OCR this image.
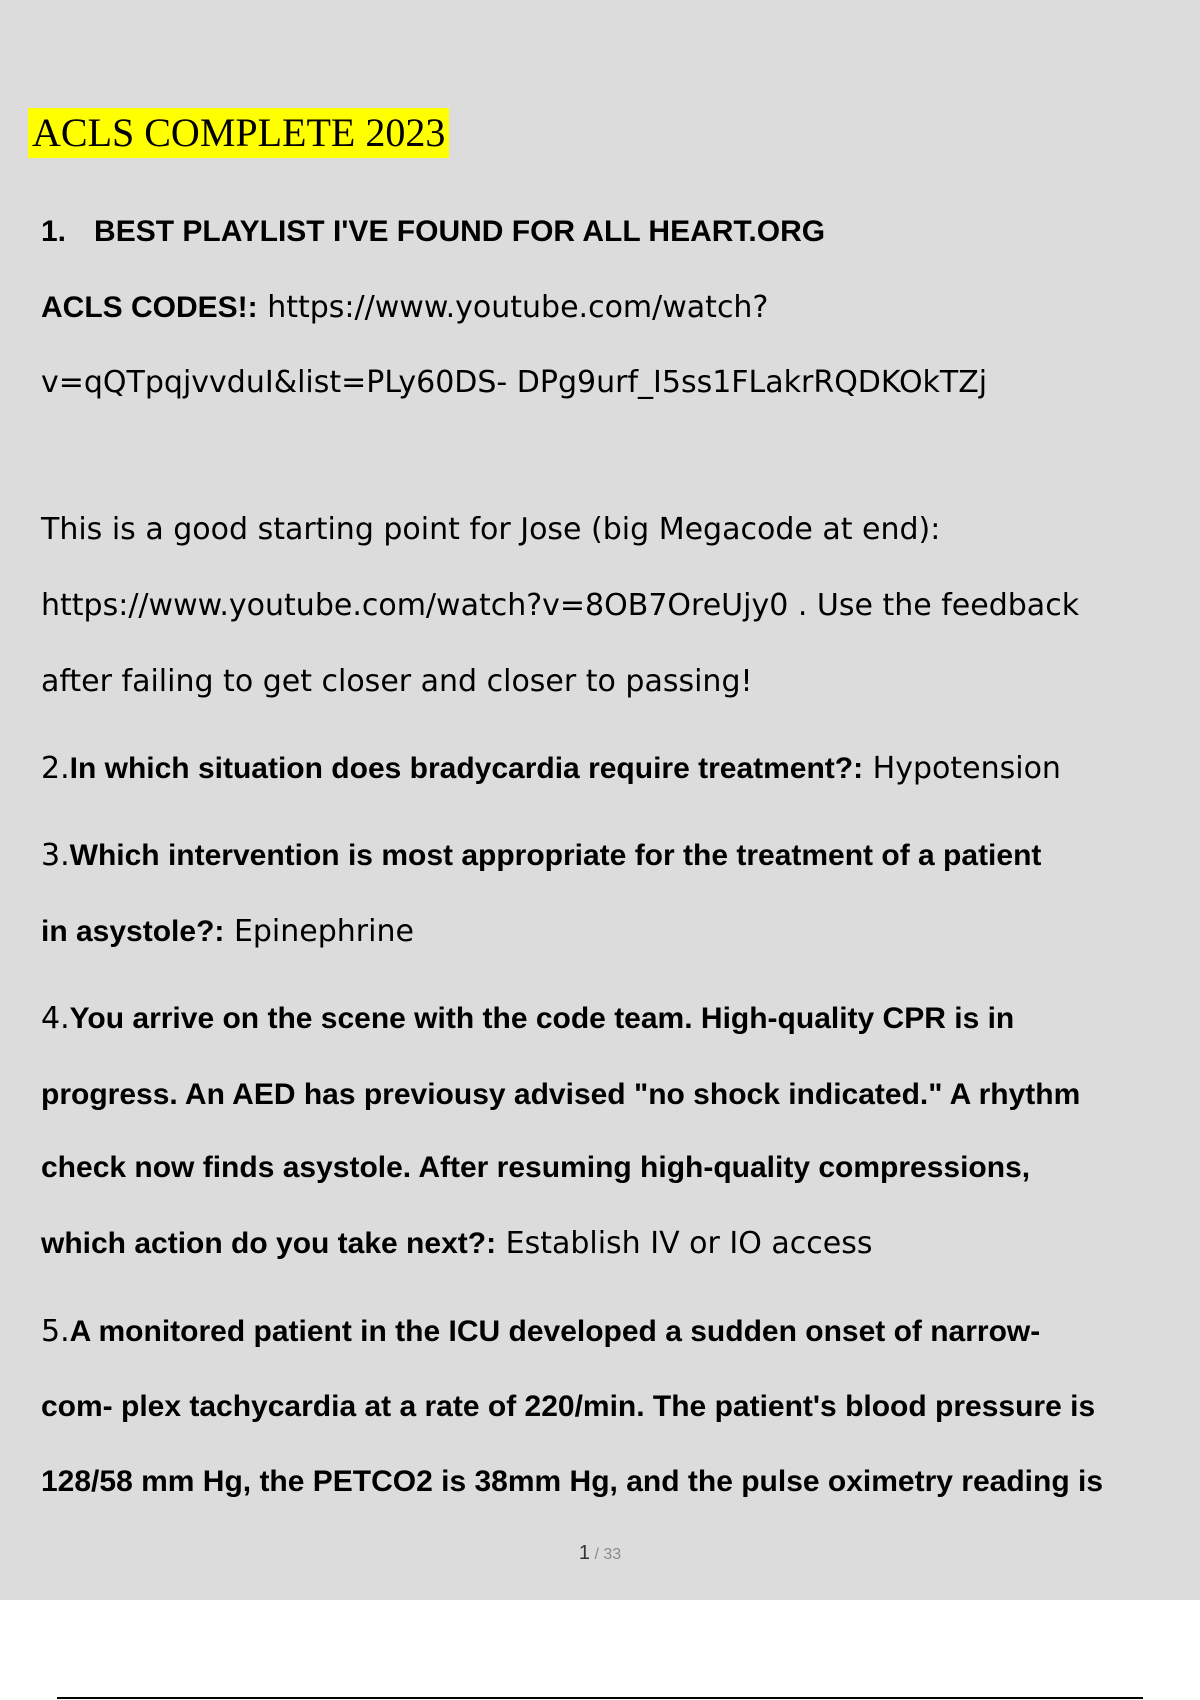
ACLS COMPLETE 2023
1. BEST PLAYLIST I'VE FOUND FOR ALL HEART.ORG
ACLS CODES!: https://www.youtube.com/watch?
v=qQTpqjvvduI&list=PLy60DS- DPg9urf_I5ss1FLakrRQDKOkTZj
This is a good starting point for Jose (big Megacode at end):
https://www.youtube.com/watch?v=8OB7OreUjy0 . Use the feedback
after failing to get closer and closer to passing!
2.In which situation does bradycardia require treatment?: Hypotension
3.Which intervention is most appropriate for the treatment of a patient
in asystole?: Epinephrine
4.You arrive on the scene with the code team. High-quality CPR is in
progress. An AED has previousy advised "no shock indicated." A rhythm
check now finds asystole. After resuming high-quality compressions,
which action do you take next?: Establish IV or IO access
5.A monitored patient in the ICU developed a sudden onset of narrow-
com- plex tachycardia at a rate of 220/min. The patient's blood pressure is
128/58 mm Hg, the PETCO2 is 38mm Hg, and the pulse oximetry reading is
1 / 33
